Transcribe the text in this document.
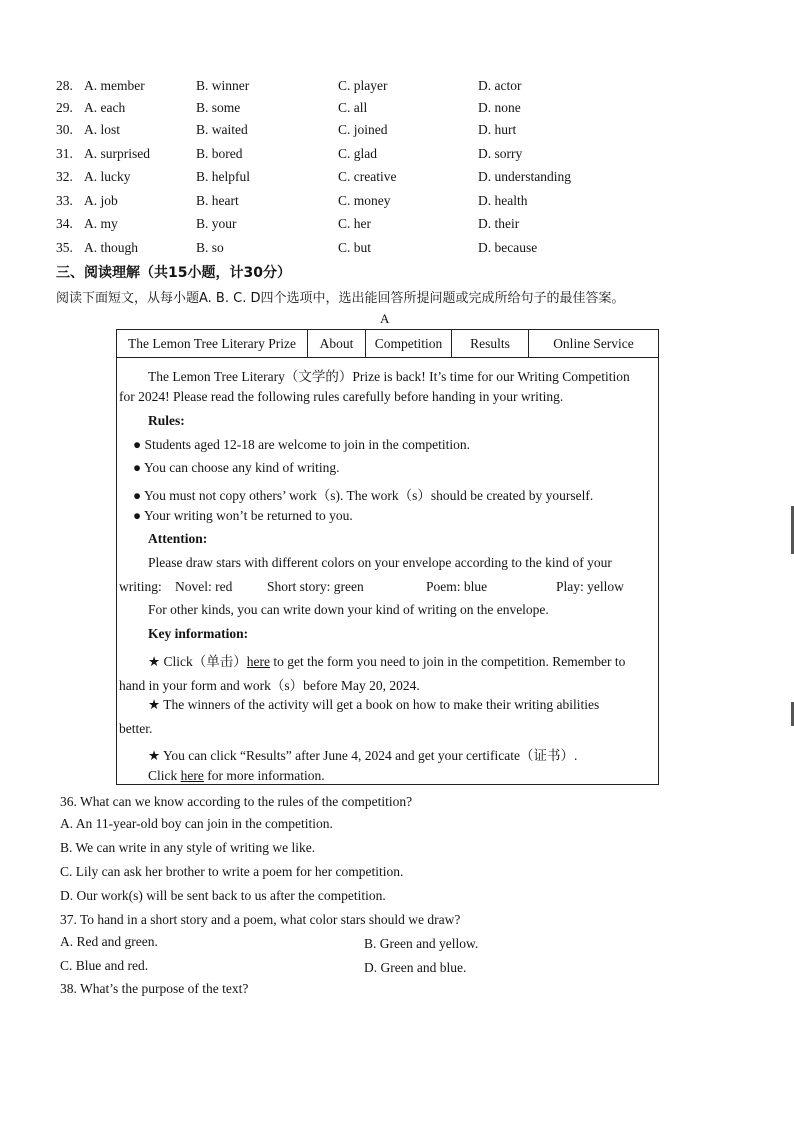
28. A. member	B. winner	C. player	D. actor
29. A. each	B. some	C. all	D. none
30. A. lost	B. waited	C. joined	D. hurt
31. A. surprised	B. bored	C. glad	D. sorry
32. A. lucky	B. helpful	C. creative	D. understanding
33. A. job	B. heart	C. money	D. health
34. A. my	B. your	C. her	D. their
35. A. though	B. so	C. but	D. because
三、阅读理解（共15小题，计30分）
阅读下面短文，从每小题A. B. C. D四个选项中，选出能回答所提问题或完成所给句子的最佳答案。
A
The Lemon Tree Literary Prize	About	Competition	Results	Online Service
The Lemon Tree Literary（文学的）Prize is back! It’s time for our Writing Competition
for 2024! Please read the following rules carefully before handing in your writing.
Rules:
● Students aged 12-18 are welcome to join in the competition.
● You can choose any kind of writing.
● You must not copy others’ work（s). The work（s）should be created by yourself.
● Your writing won’t be returned to you.
Attention:
Please draw stars with different colors on your envelope according to the kind of your
writing: Novel: red	Short story: green	Poem: blue	Play: yellow
For other kinds, you can write down your kind of writing on the envelope.
Key information:
★ Click（单击）here to get the form you need to join in the competition. Remember to
hand in your form and work（s）before May 20, 2024.
★ The winners of the activity will get a book on how to make their writing abilities
better.
★ You can click “Results” after June 4, 2024 and get your certificate（证书）.
Click here for more information.
36. What can we know according to the rules of the competition?
A. An 11-year-old boy can join in the competition.
B. We can write in any style of writing we like.
C. Lily can ask her brother to write a poem for her competition.
D. Our work(s) will be sent back to us after the competition.
37. To hand in a short story and a poem, what color stars should we draw?
A. Red and green.	B. Green and yellow.
C. Blue and red.	D. Green and blue.
38. What’s the purpose of the text?
